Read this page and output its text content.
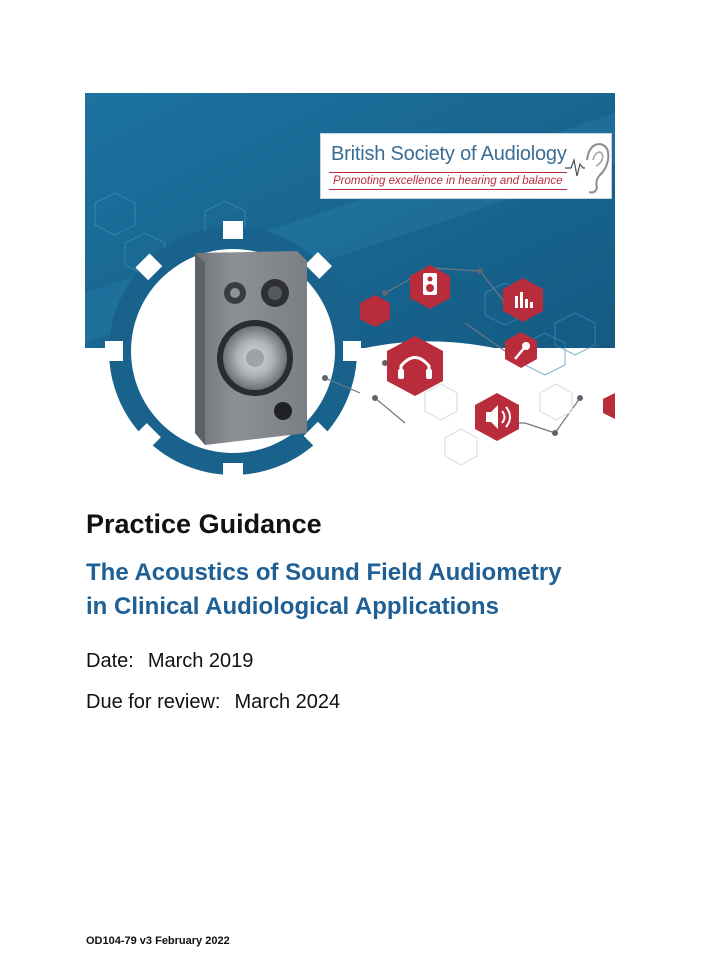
British Society of Audiology
Promoting excellence in hearing and balance
Practice Guidance
The Acoustics of Sound Field Audiometry
in Clinical Audiological Applications
Date: March 2019
Due for review: March 2024
OD104-79 v3 February 2022
